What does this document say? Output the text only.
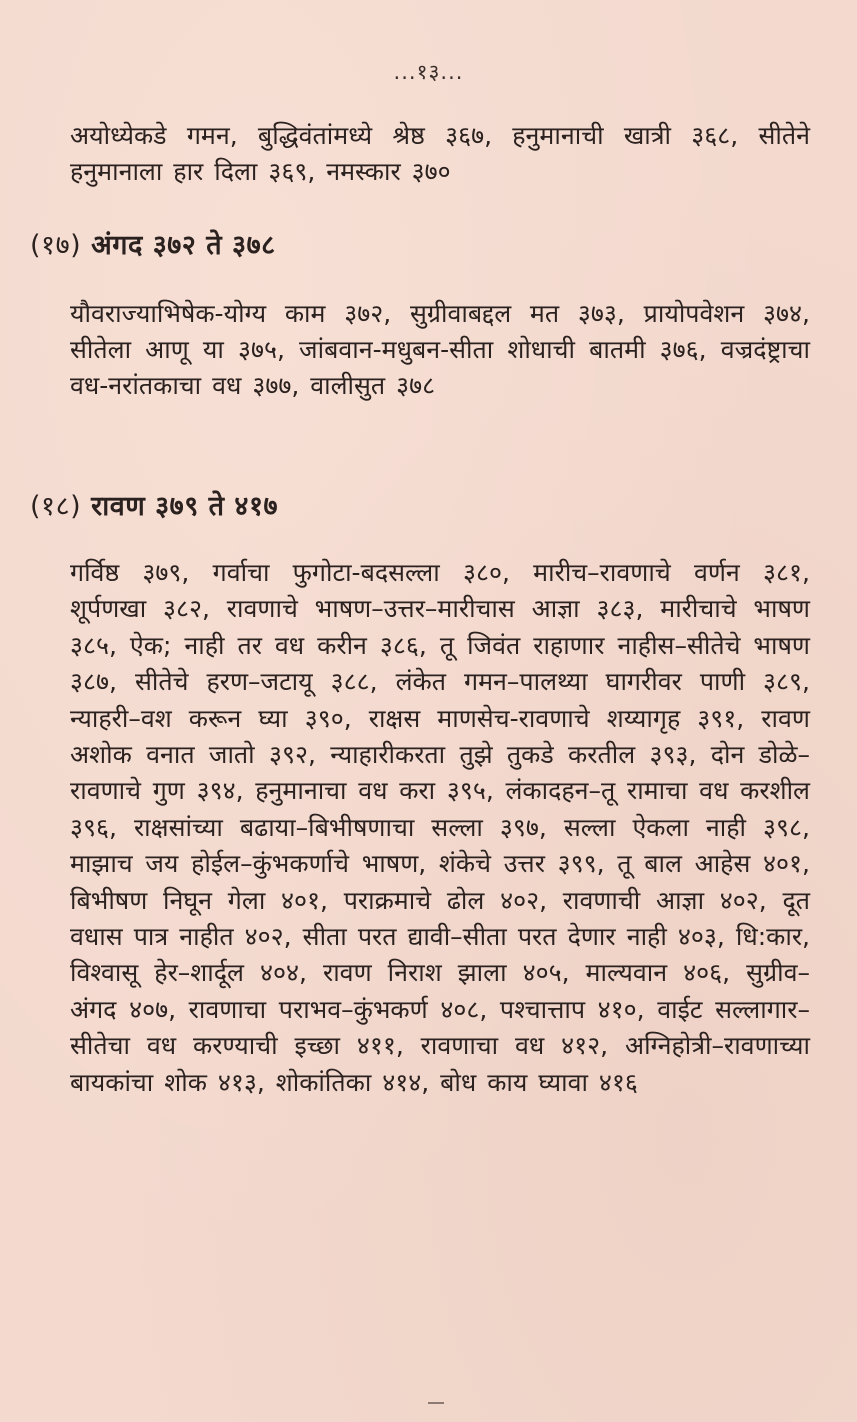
...१३...
अयोध्येकडे गमन, बुद्धिवंतांमध्ये श्रेष्ठ ३६७, हनुमानाची खात्री ३६८, सीतेने हनुमानाला हार दिला ३६९, नमस्कार ३७०
(१७) अंगद ३७२ ते ३७८
यौवराज्याभिषेक-योग्य काम ३७२, सुग्रीवाबद्दल मत ३७३, प्रायोपवेशन ३७४, सीतेला आणू या ३७५, जांबवान-मधुबन-सीता शोधाची बातमी ३७६, वज्रदंष्ट्राचा वध-नरांतकाचा वध ३७७, वालीसुत ३७८
(१८) रावण ३७९ ते ४१७
गर्विष्ठ ३७९, गर्वाचा फुगोटा-बदसल्ला ३८०, मारीच–रावणाचे वर्णन ३८१, शूर्पणखा ३८२, रावणाचे भाषण–उत्तर–मारीचास आज्ञा ३८३, मारीचाचे भाषण ३८५, ऐक; नाही तर वध करीन ३८६, तू जिवंत राहाणार नाहीस–सीतेचे भाषण ३८७, सीतेचे हरण–जटायू ३८८, लंकेत गमन–पालथ्या घागरीवर पाणी ३८९, न्याहरी–वश करून घ्या ३९०, राक्षस माणसेच-रावणाचे शय्यागृह ३९१, रावण अशोक वनात जातो ३९२, न्याहारीकरता तुझे तुकडे करतील ३९३, दोन डोळे–रावणाचे गुण ३९४, हनुमानाचा वध करा ३९५, लंकादहन–तू रामाचा वध करशील ३९६, राक्षसांच्या बढाया–बिभीषणाचा सल्ला ३९७, सल्ला ऐकला नाही ३९८, माझाच जय होईल–कुंभकर्णाचे भाषण, शंकेचे उत्तर ३९९, तू बाल आहेस ४०१, बिभीषण निघून गेला ४०१, पराक्रमाचे ढोल ४०२, रावणाची आज्ञा ४०२, दूत वधास पात्र नाहीत ४०२, सीता परत द्यावी–सीता परत देणार नाही ४०३, धि:कार, विश्वासू हेर–शार्दूल ४०४, रावण निराश झाला ४०५, माल्यवान ४०६, सुग्रीव–अंगद ४०७, रावणाचा पराभव–कुंभकर्ण ४०८, पश्चात्ताप ४१०, वाईट सल्लागार–सीतेचा वध करण्याची इच्छा ४११, रावणाचा वध ४१२, अग्निहोत्री–रावणाच्या बायकांचा शोक ४१३, शोकांतिका ४१४, बोध काय घ्यावा ४१६
